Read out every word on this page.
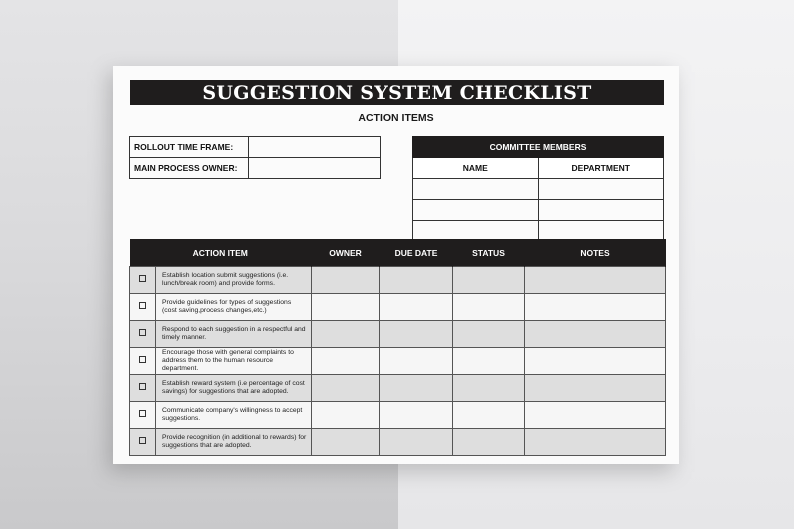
SUGGESTION SYSTEM CHECKLIST
ACTION ITEMS
ROLLOUT TIME FRAME:	
MAIN PROCESS OWNER:	
COMMITTEE MEMBERS	
NAME	DEPARTMENT

ACTION ITEM		OWNER	DUE DATE	STATUS	NOTES
	Establish location submit suggestions (i.e. lunch/break room) and provide forms.				
	Provide guidelines for types of suggestions (cost saving,process changes,etc.)				
	Respond to each suggestion in a respectful and timely manner.				
	Encourage those with general complaints to address them to the human resource department.				
	Establish reward system (i.e percentage of cost savings) for suggestions that are adopted.				
	Communicate company's willingness to accept suggestions.				
	Provide recognition (in additional to rewards) for suggestions that are adopted.				
